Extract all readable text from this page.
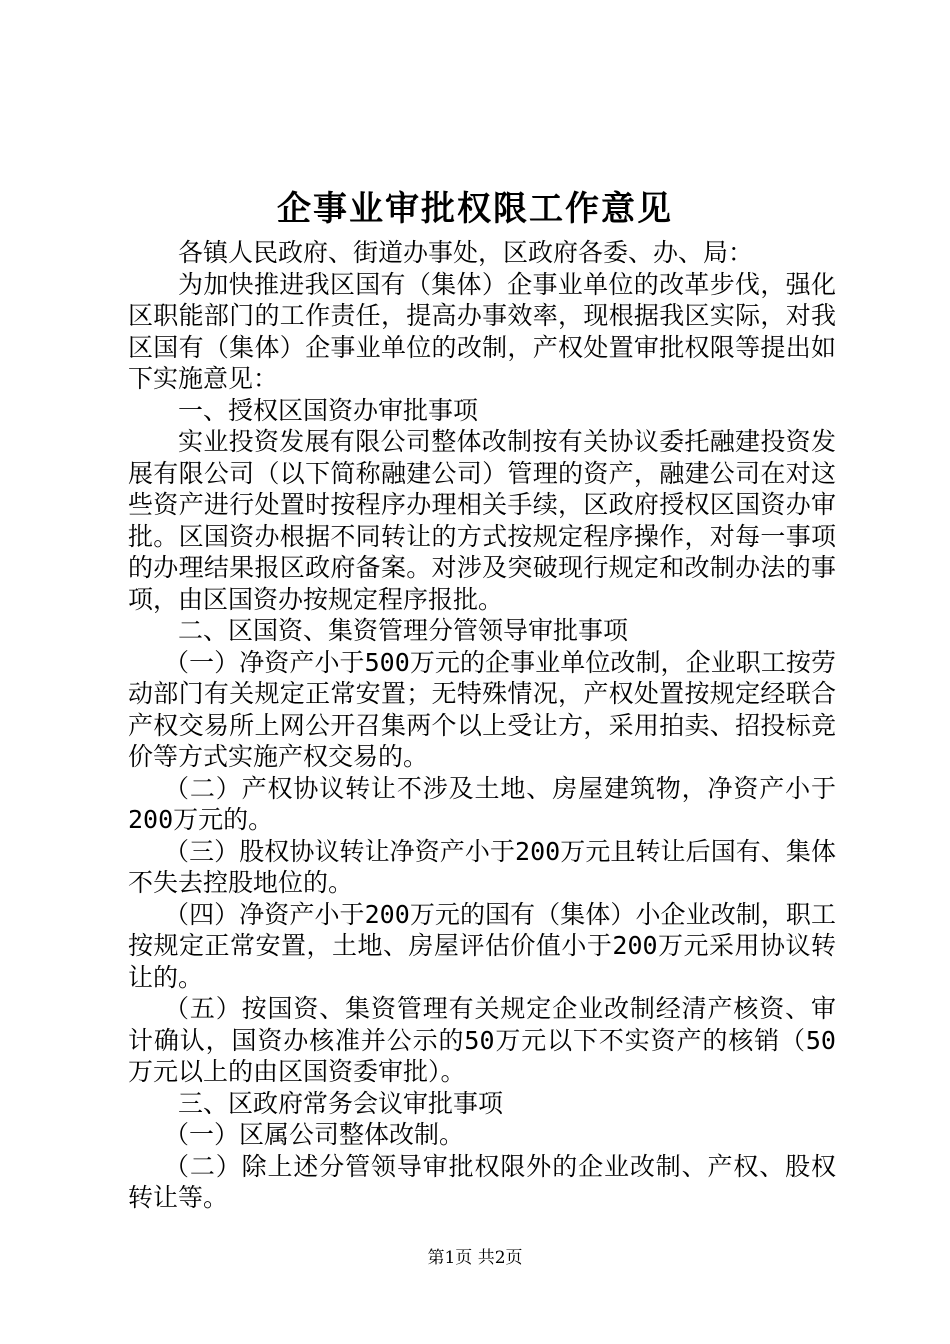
企事业审批权限工作意见

各镇人民政府、街道办事处，区政府各委、办、局：

为加快推进我区国有（集体）企事业单位的改革步伐，强化区职能部门的工作责任，提高办事效率，现根据我区实际，对我区国有（集体）企事业单位的改制，产权处置审批权限等提出如下实施意见：

一、授权区国资办审批事项

实业投资发展有限公司整体改制按有关协议委托融建投资发展有限公司（以下简称融建公司）管理的资产，融建公司在对这些资产进行处置时按程序办理相关手续，区政府授权区国资办审批。区国资办根据不同转让的方式按规定程序操作，对每一事项的办理结果报区政府备案。对涉及突破现行规定和改制办法的事项，由区国资办按规定程序报批。

二、区国资、集资管理分管领导审批事项

（一）净资产小于500万元的企事业单位改制，企业职工按劳动部门有关规定正常安置；无特殊情况，产权处置按规定经联合产权交易所上网公开召集两个以上受让方，采用拍卖、招投标竞价等方式实施产权交易的。

（二）产权协议转让不涉及土地、房屋建筑物，净资产小于200万元的。

（三）股权协议转让净资产小于200万元且转让后国有、集体不失去控股地位的。

（四）净资产小于200万元的国有（集体）小企业改制，职工按规定正常安置，土地、房屋评估价值小于200万元采用协议转让的。

（五）按国资、集资管理有关规定企业改制经清产核资、审计确认，国资办核准并公示的50万元以下不实资产的核销（50万元以上的由区国资委审批）。

三、区政府常务会议审批事项

（一）区属公司整体改制。

（二）除上述分管领导审批权限外的企业改制、产权、股权转让等。

第1页 共2页
